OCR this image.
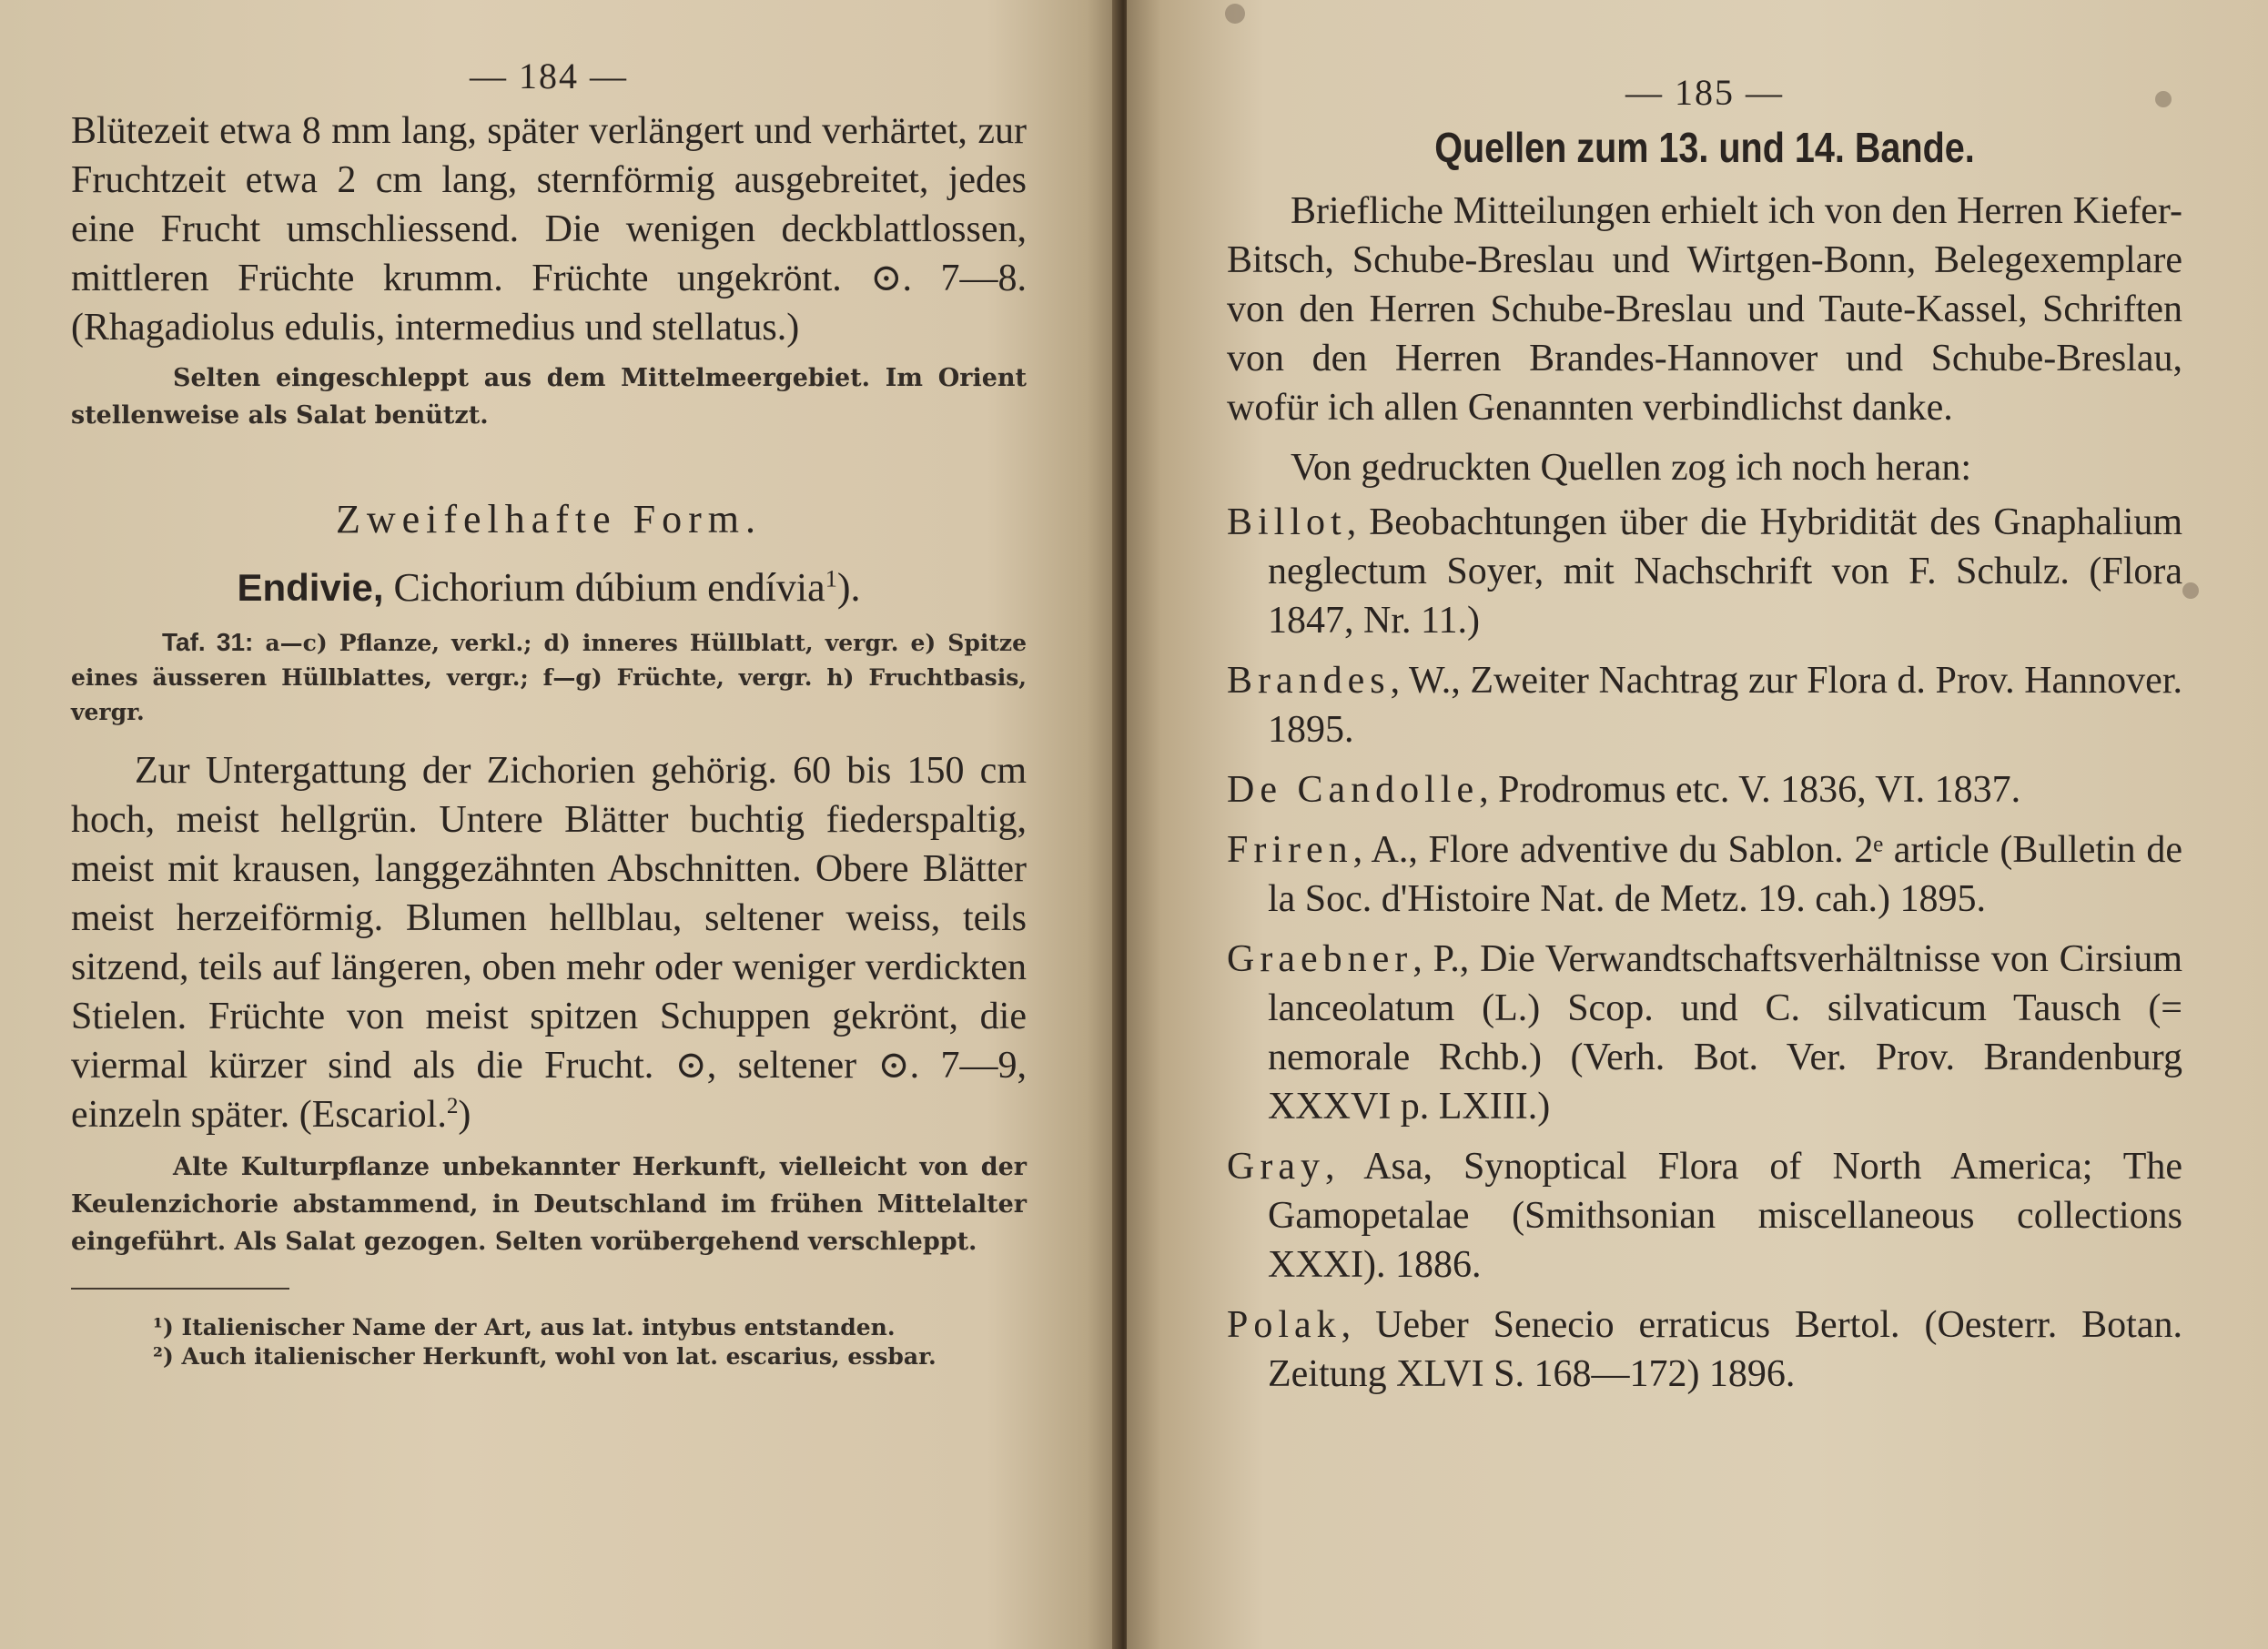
— 184 —

Blütezeit etwa 8 mm lang, später verlängert und verhärtet, zur Fruchtzeit etwa 2 cm lang, sternförmig ausgebreitet, jedes eine Frucht umschliessend. Die wenigen deckblattlossen, mittleren Früchte krumm. Früchte ungekrönt. ⊙. 7—8. (Rhagadiolus edulis, intermedius und stellatus.)

Selten eingeschleppt aus dem Mittelmeergebiet. Im Orient stellenweise als Salat benützt.
Zweifelhafte Form.
Endivie, Cichorium dúbium endívia$^1$).
Taf. 31: a—c) Pflanze, verkl.; d) inneres Hüllblatt, vergr. e) Spitze eines äusseren Hüllblattes, vergr.; f—g) Früchte, vergr. h) Fruchtbasis, vergr.

Zur Untergattung der Zichorien gehörig. 60 bis 150 cm hoch, meist hellgrün. Untere Blätter buchtig fiederspaltig, meist mit krausen, langgezähnten Abschnitten. Obere Blätter meist herzeiförmig. Blumen hellblau, seltener weiss, teils sitzend, teils auf längeren, oben mehr oder weniger verdickten Stielen. Früchte von meist spitzen Schuppen gekrönt, die viermal kürzer sind als die Frucht. ⊙, seltener ⊙. 7—9, einzeln später. (Escariol.$^2$)

Alte Kulturpflanze unbekannter Herkunft, vielleicht von der Keulenzichorie abstammend, in Deutschland im frühen Mittelalter eingeführt. Als Salat gezogen. Selten vorübergehend verschleppt.
¹) Italienischer Name der Art, aus lat. intybus entstanden.
²) Auch italienischer Herkunft, wohl von lat. escarius, essbar.
— 185 —
Quellen zum 13. und 14. Bande.

Briefliche Mitteilungen erhielt ich von den Herren Kiefer-Bitsch, Schube-Breslau und Wirtgen-Bonn, Belegexemplare von den Herren Schube-Breslau und Taute-Kassel, Schriften von den Herren Brandes-Hannover und Schube-Breslau, wofür ich allen Genannten verbindlichst danke.

Von gedruckten Quellen zog ich noch heran:

Billot, Beobachtungen über die Hybridität des Gnaphalium neglectum Soyer, mit Nachschrift von F. Schulz. (Flora 1847, Nr. 11.)

Brandes, W., Zweiter Nachtrag zur Flora d. Prov. Hannover. 1895.

De Candolle, Prodromus etc. V. 1836, VI. 1837.

Friren, A., Flore adventive du Sablon. 2ᵉ article (Bulletin de la Soc. d'Histoire Nat. de Metz. 19. cah.) 1895.

Graebner, P., Die Verwandtschaftsverhältnisse von Cirsium lanceolatum (L.) Scop. und C. silvaticum Tausch (= nemorale Rchb.) (Verh. Bot. Ver. Prov. Brandenburg XXXVI p. LXIII.)

Gray, Asa, Synoptical Flora of North America; The Gamopetalae (Smithsonian miscellaneous collections XXXI). 1886.

Polak, Ueber Senecio erraticus Bertol. (Oesterr. Botan. Zeitung XLVI S. 168—172) 1896.
